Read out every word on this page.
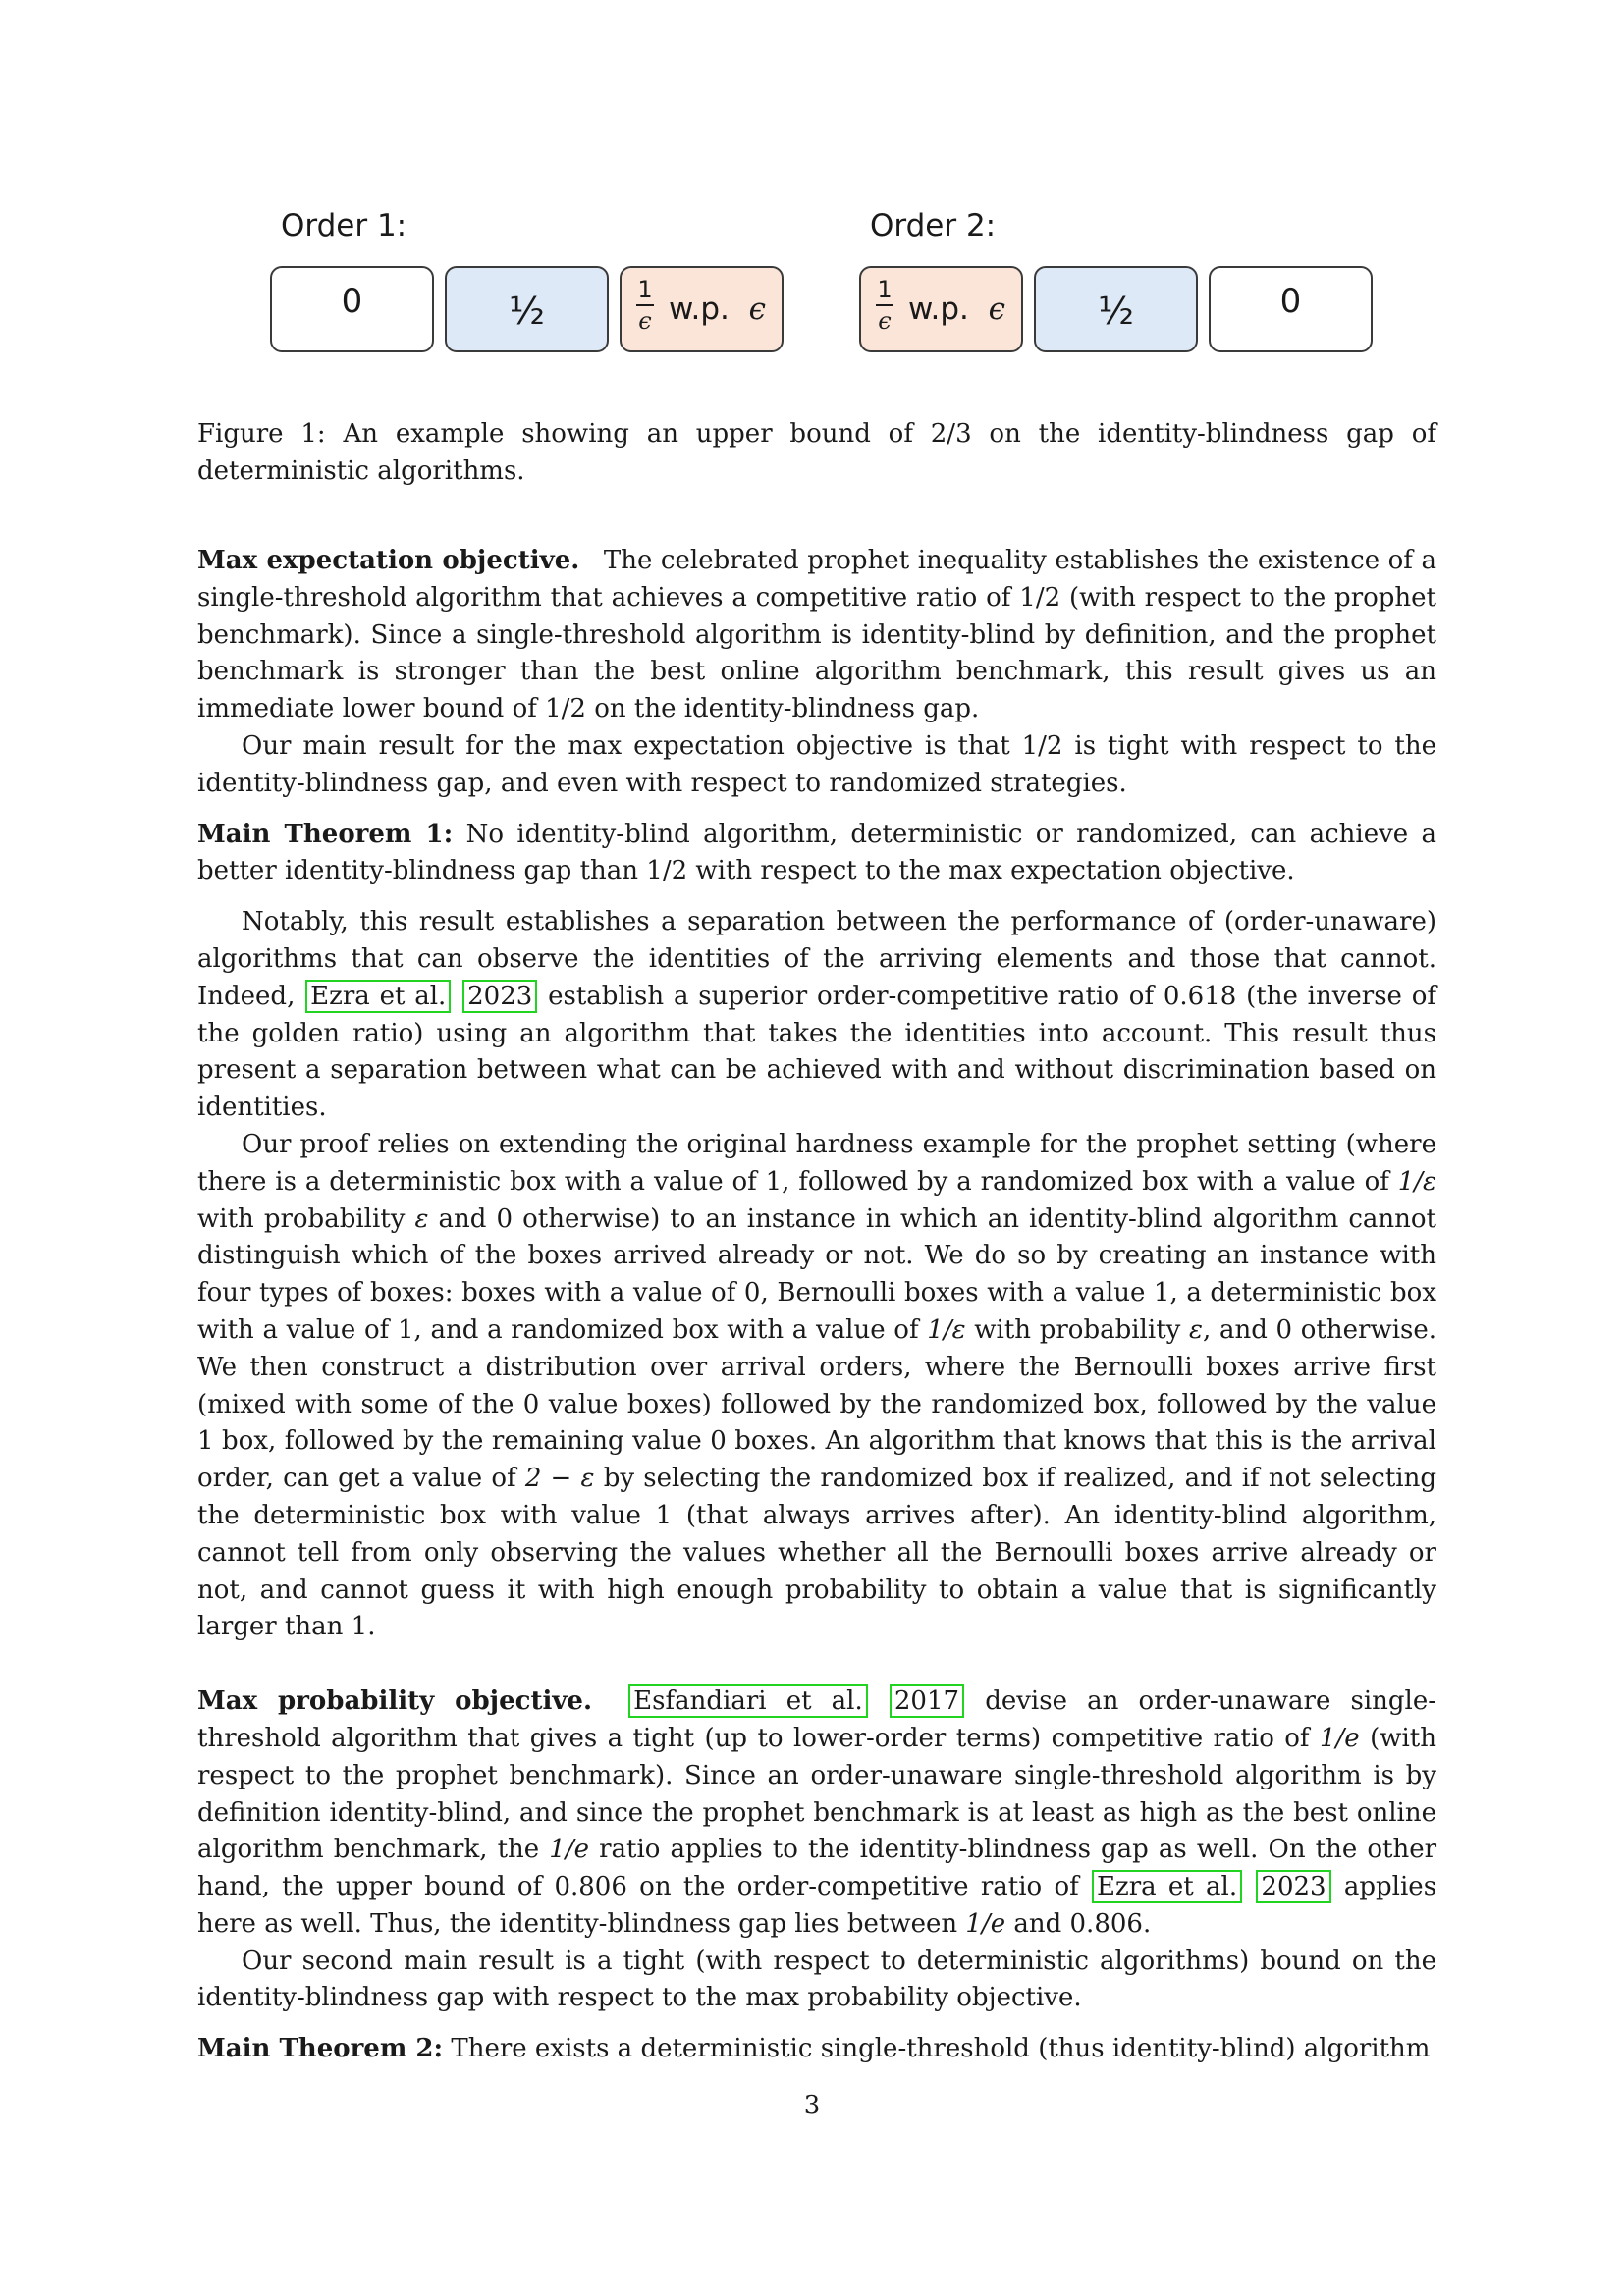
Order 1:	Order 2:
0	½	1
ϵ w.p. ϵ
1
ϵ w.p. ϵ	½	0
Figure 1: An example showing an upper bound of 2/3 on the identity-blindness gap of deterministic algorithms.

Max expectation objective. The celebrated prophet inequality establishes the existence of a single-threshold algorithm that achieves a competitive ratio of 1/2 (with respect to the prophet benchmark). Since a single-threshold algorithm is identity-blind by definition, and the prophet benchmark is stronger than the best online algorithm benchmark, this result gives us an immediate lower bound of 1/2 on the identity-blindness gap.

Our main result for the max expectation objective is that 1/2 is tight with respect to the identity-blindness gap, and even with respect to randomized strategies.

Main Theorem 1: No identity-blind algorithm, deterministic or randomized, can achieve a better identity-blindness gap than 1/2 with respect to the max expectation objective.

Notably, this result establishes a separation between the performance of (order-unaware) algorithms that can observe the identities of the arriving elements and those that cannot. Indeed, Ezra et al. 2023 establish a superior order-competitive ratio of 0.618 (the inverse of the golden ratio) using an algorithm that takes the identities into account. This result thus present a separation between what can be achieved with and without discrimination based on identities.

Our proof relies on extending the original hardness example for the prophet setting (where there is a deterministic box with a value of 1, followed by a randomized box with a value of 1/ε with probability ε and 0 otherwise) to an instance in which an identity-blind algorithm cannot distinguish which of the boxes arrived already or not. We do so by creating an instance with four types of boxes: boxes with a value of 0, Bernoulli boxes with a value 1, a deterministic box with a value of 1, and a randomized box with a value of 1/ε with probability ε, and 0 otherwise. We then construct a distribution over arrival orders, where the Bernoulli boxes arrive first (mixed with some of the 0 value boxes) followed by the randomized box, followed by the value 1 box, followed by the remaining value 0 boxes. An algorithm that knows that this is the arrival order, can get a value of 2 − ε by selecting the randomized box if realized, and if not selecting the deterministic box with value 1 (that always arrives after). An identity-blind algorithm, cannot tell from only observing the values whether all the Bernoulli boxes arrive already or not, and cannot guess it with high enough probability to obtain a value that is significantly larger than 1.

Max probability objective. Esfandiari et al. 2017 devise an order-unaware single-threshold algorithm that gives a tight (up to lower-order terms) competitive ratio of 1/e (with respect to the prophet benchmark). Since an order-unaware single-threshold algorithm is by definition identity-blind, and since the prophet benchmark is at least as high as the best online algorithm benchmark, the 1/e ratio applies to the identity-blindness gap as well. On the other hand, the upper bound of 0.806 on the order-competitive ratio of Ezra et al. 2023 applies here as well. Thus, the identity-blindness gap lies between 1/e and 0.806.

Our second main result is a tight (with respect to deterministic algorithms) bound on the identity-blindness gap with respect to the max probability objective.

Main Theorem 2: There exists a deterministic single-threshold (thus identity-blind) algorithm

3
